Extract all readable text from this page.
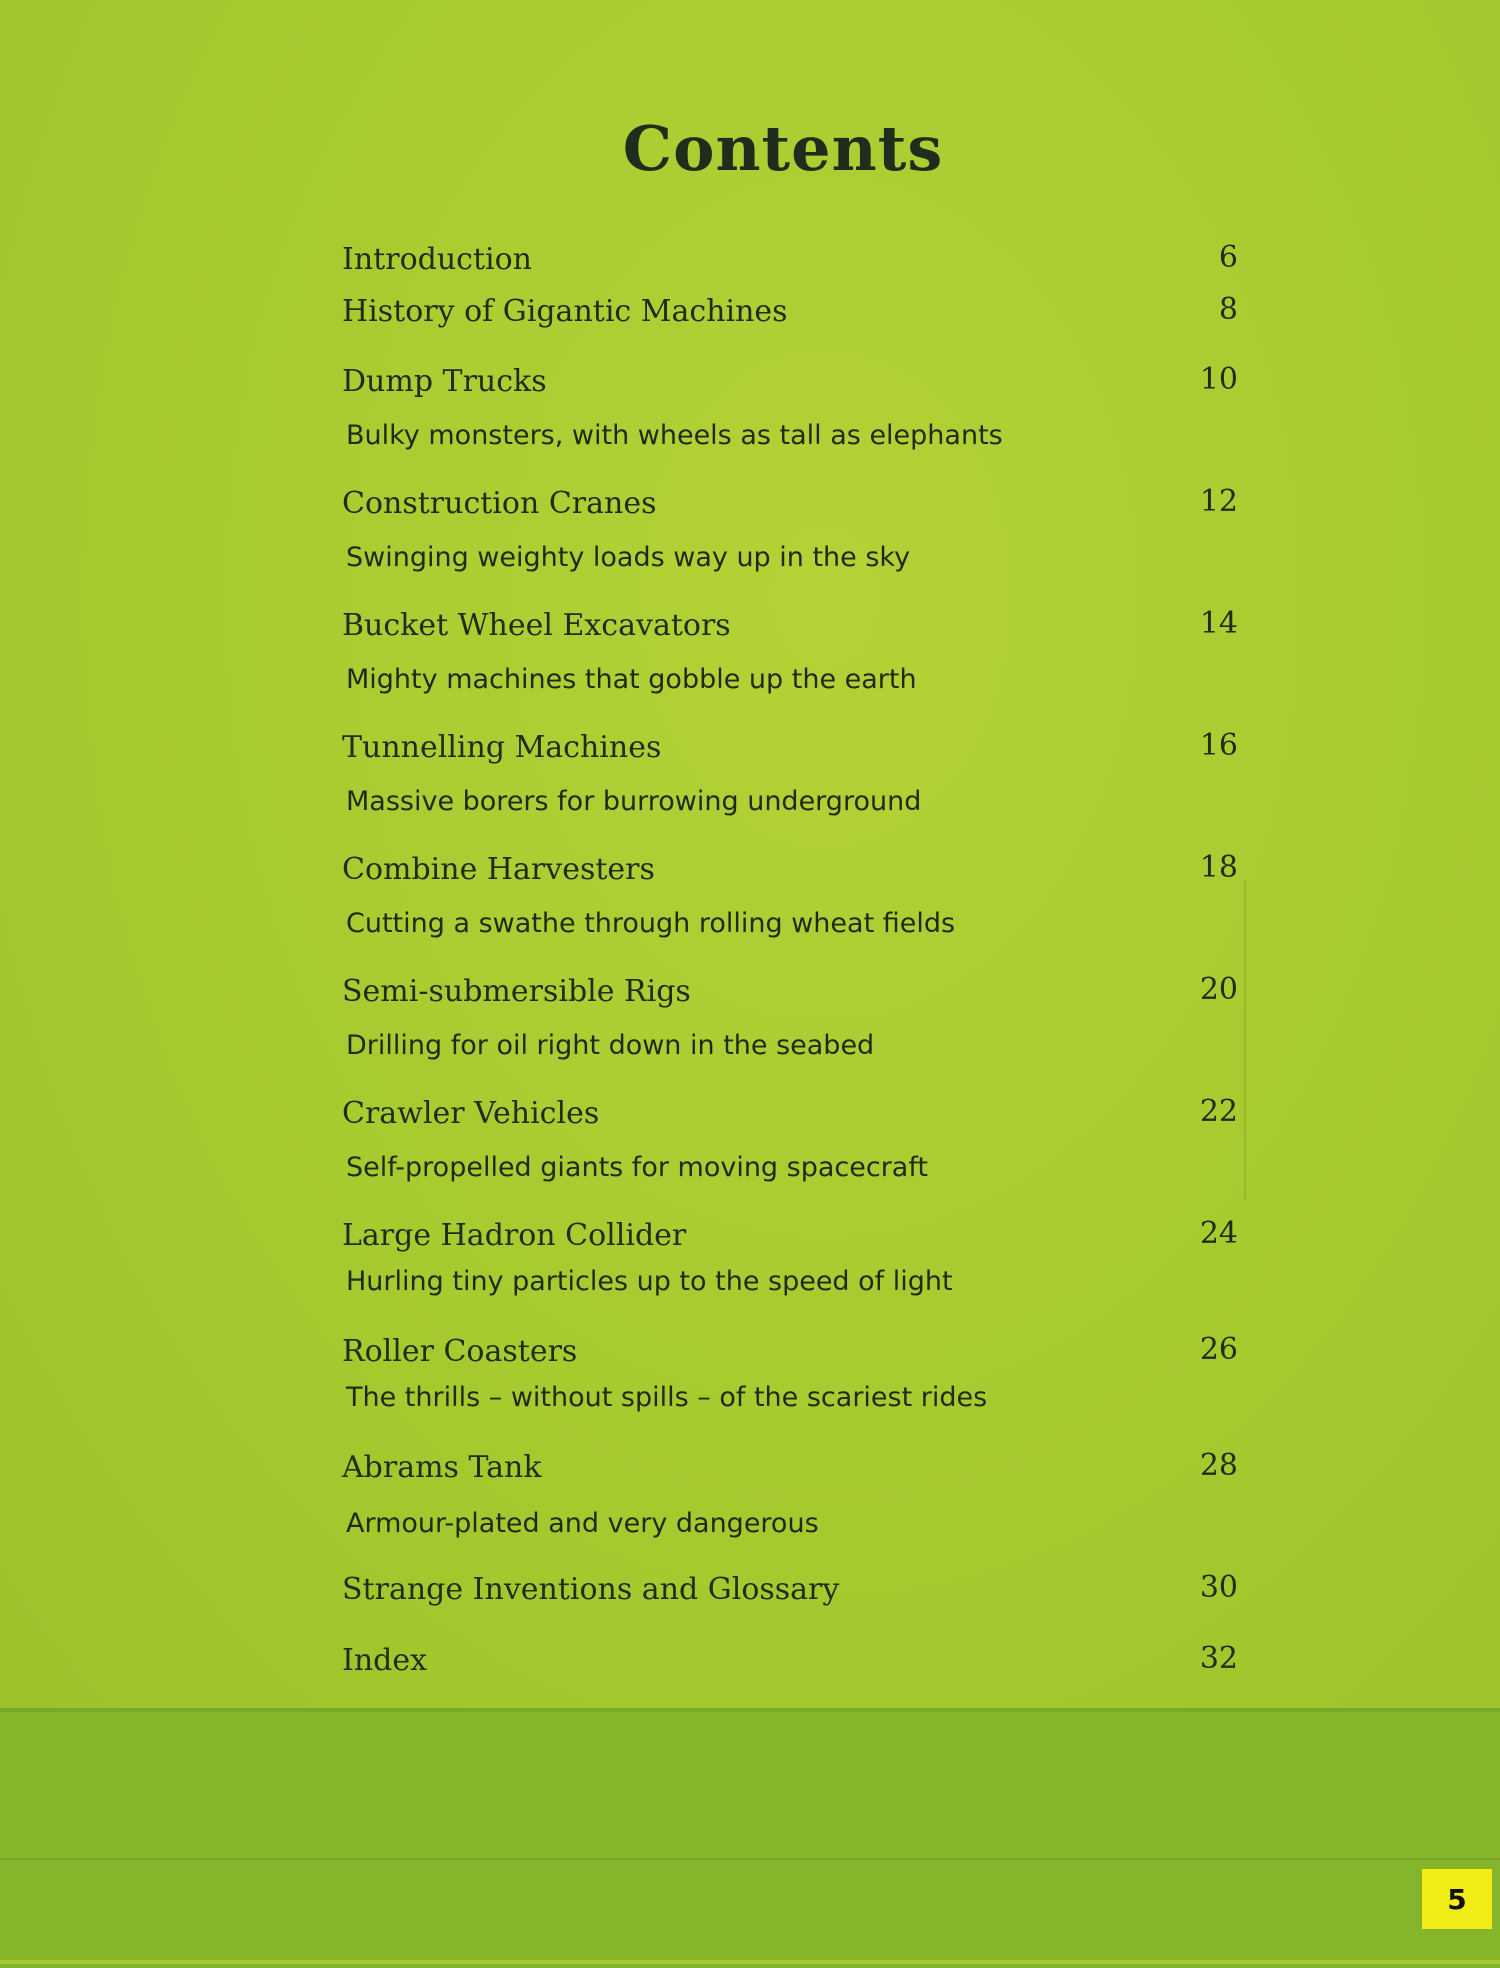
Contents
Introduction	6
History of Gigantic Machines	8
Dump Trucks	10
Bulky monsters, with wheels as tall as elephants
Construction Cranes	12
Swinging weighty loads way up in the sky
Bucket Wheel Excavators	14
Mighty machines that gobble up the earth
Tunnelling Machines	16
Massive borers for burrowing underground
Combine Harvesters	18
Cutting a swathe through rolling wheat fields
Semi-submersible Rigs	20
Drilling for oil right down in the seabed
Crawler Vehicles	22
Self-propelled giants for moving spacecraft
Large Hadron Collider	24
Hurling tiny particles up to the speed of light
Roller Coasters	26
The thrills – without spills – of the scariest rides
Abrams Tank	28
Armour-plated and very dangerous
Strange Inventions and Glossary	30
Index	32
5
